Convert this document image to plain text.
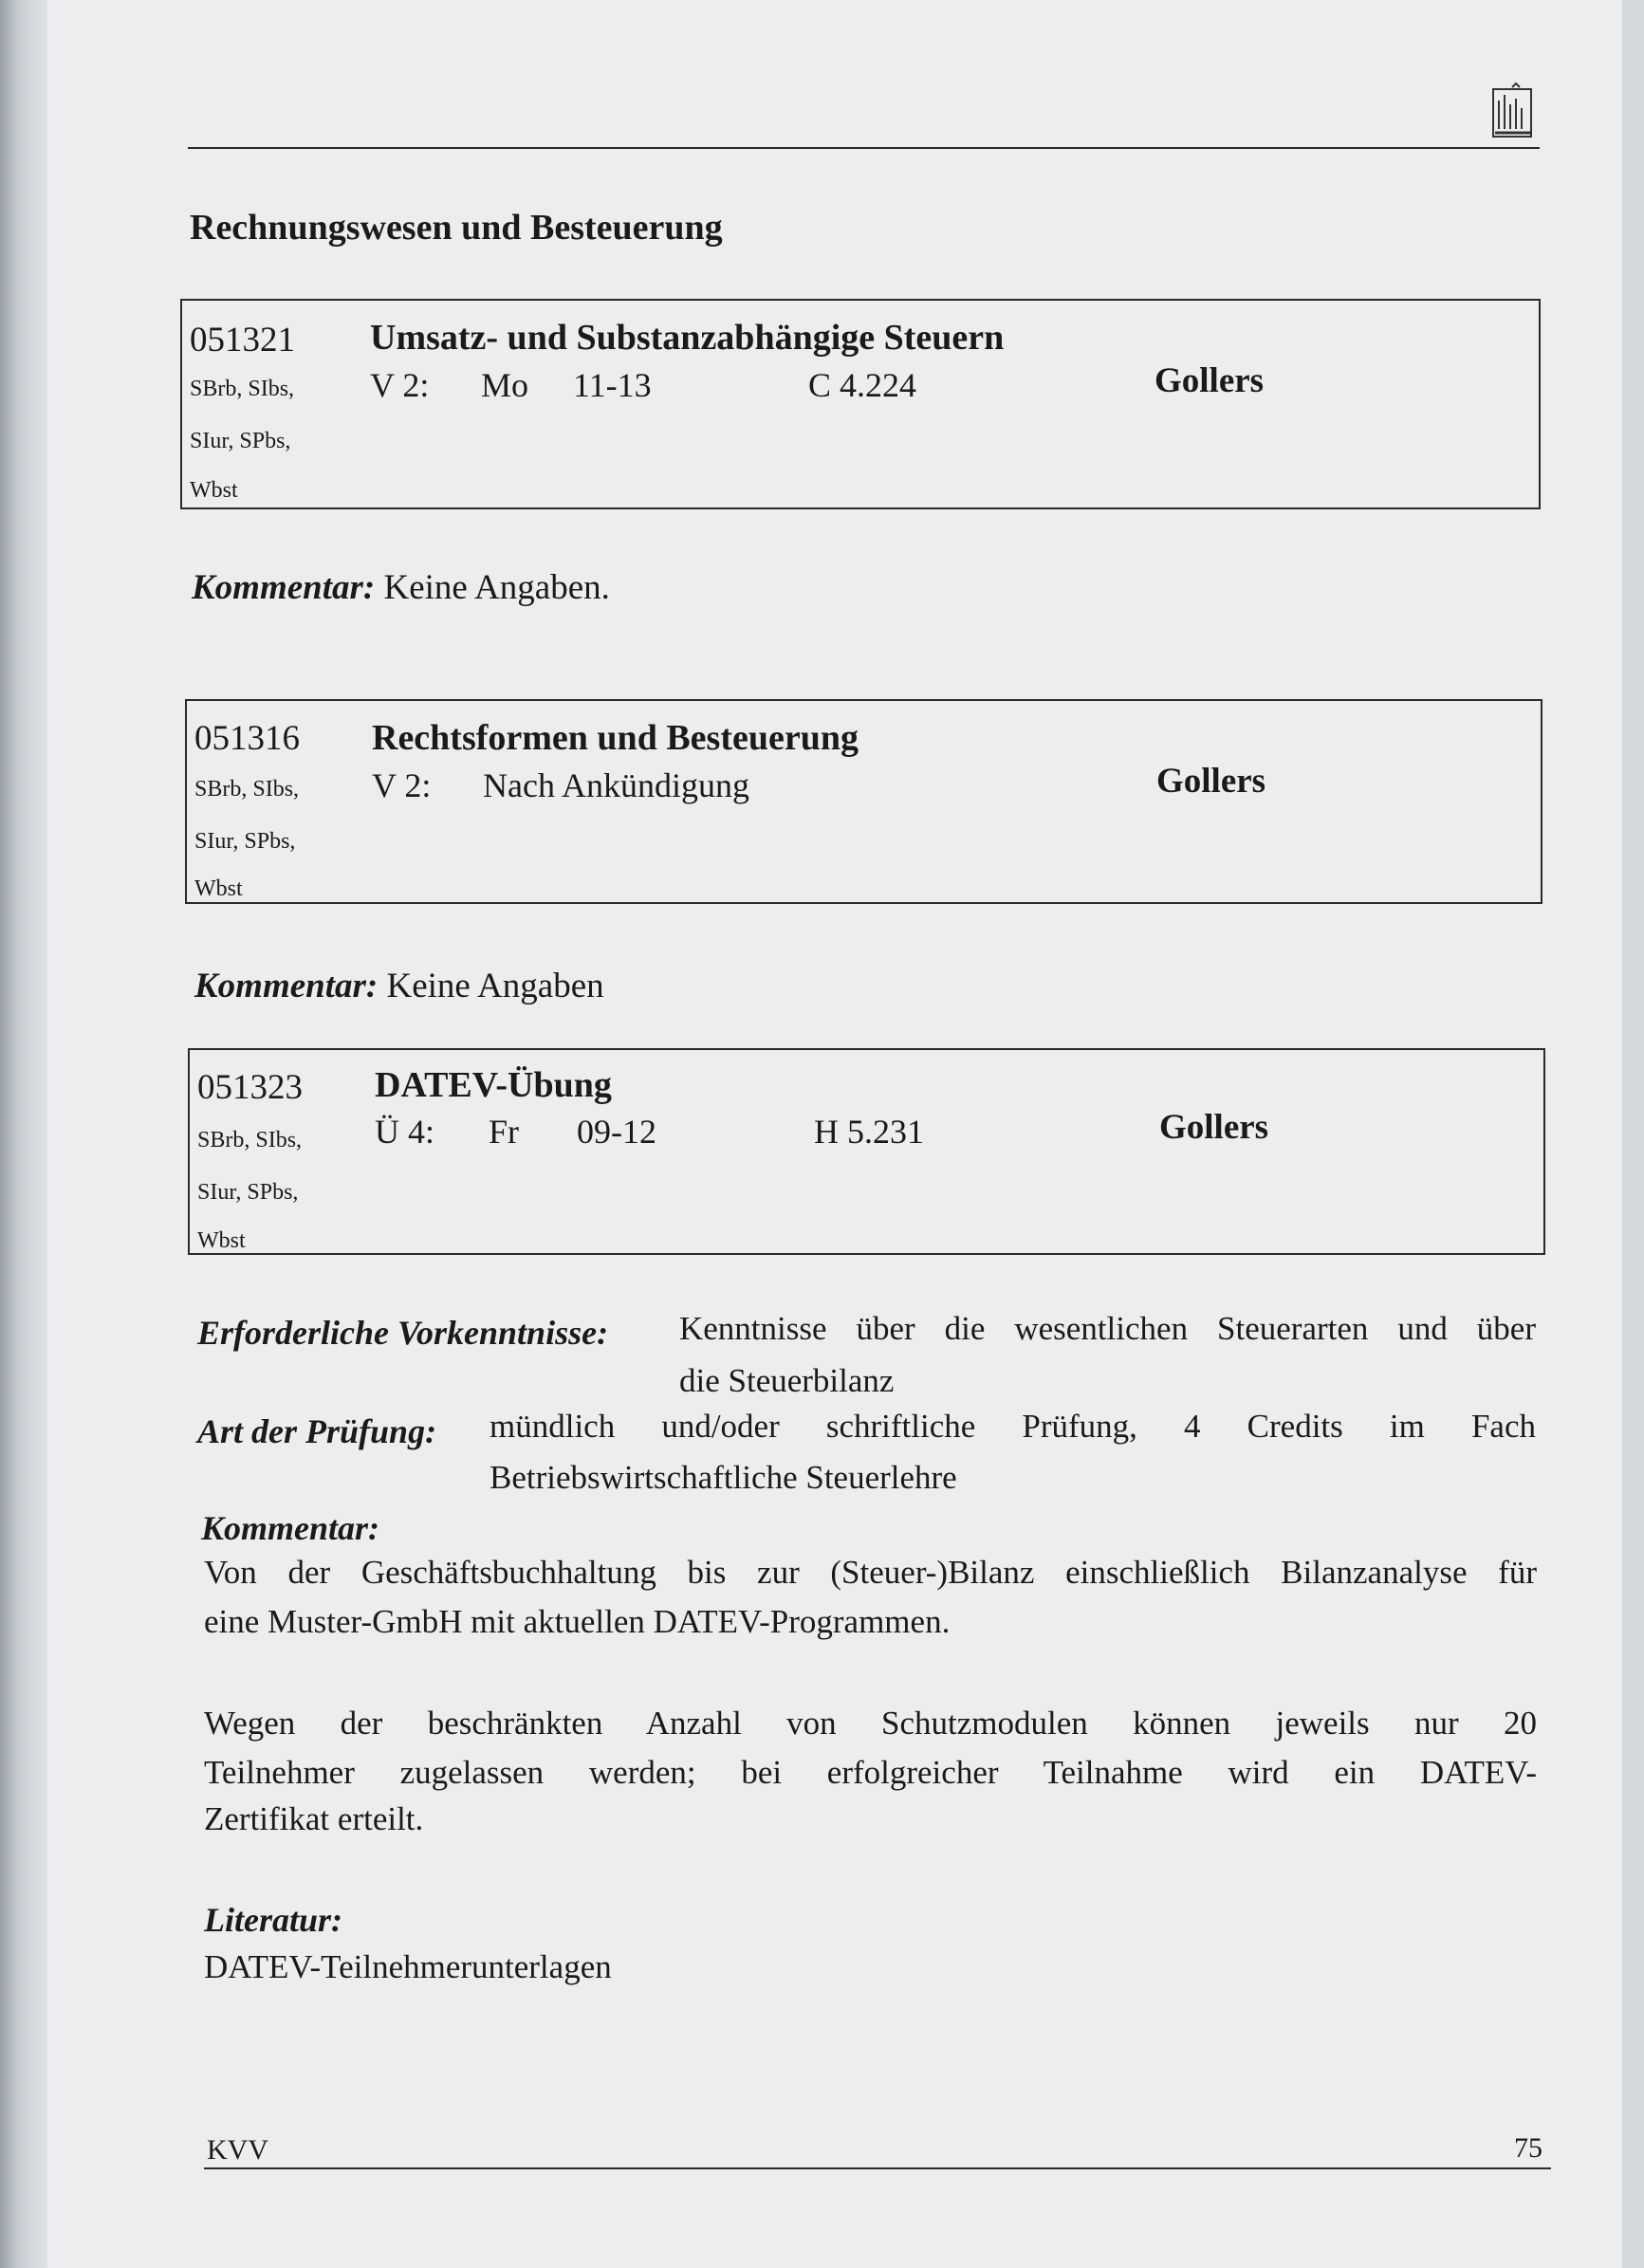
Rechnungswesen und Besteuerung
051321 Umsatz- und Substanzabhängige Steuern
SBrb, SIbs,
SIur, SPbs,
Wbst
V 2: Mo 11-13	C 4.224	Gollers
Kommentar: Keine Angaben.
051316 Rechtsformen und Besteuerung
SBrb, SIbs,
SIur, SPbs,
Wbst
V 2: Nach Ankündigung	Gollers
Kommentar: Keine Angaben
051323 DATEV-Übung
SBrb, SIbs,
SIur, SPbs,
Wbst
Ü 4: Fr 09-12	H 5.231	Gollers
Erforderliche Vorkenntnisse: Kenntnisse über die wesentlichen Steuerarten und über
die Steuerbilanz
Art der Prüfung: mündlich und/oder schriftliche Prüfung, 4 Credits im Fach
Betriebswirtschaftliche Steuerlehre
Kommentar:
Von der Geschäftsbuchhaltung bis zur (Steuer-)Bilanz einschließlich Bilanzanalyse für
eine Muster-GmbH mit aktuellen DATEV-Programmen.
Wegen der beschränkten Anzahl von Schutzmodulen können jeweils nur 20
Teilnehmer zugelassen werden; bei erfolgreicher Teilnahme wird ein DATEV-
Zertifikat erteilt.
Literatur:
DATEV-Teilnehmerunterlagen
KVV	75
